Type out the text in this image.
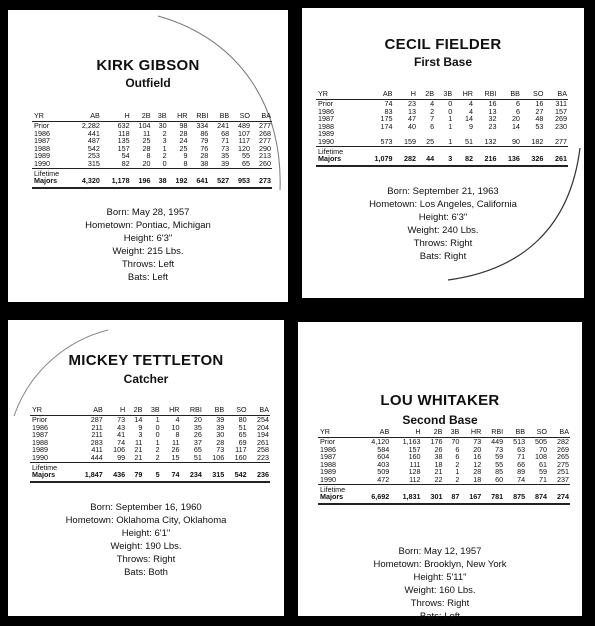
KIRK GIBSON
Outfield
YR	AB	H	2B	3B	HR	RBI	BB	SO	BA
Prior	2,282	632	104	30	98	334	241	489	277
1986	441	118	11	2	28	86	68	107	268
1987	487	135	25	3	24	79	71	117	277
1988	542	157	28	1	25	76	73	120	290
1989	253	54	8	2	9	28	35	55	213
1990	315	82	20	0	8	38	39	65	260
Lifetime									
Majors	4,320	1,178	196	38	192	641	527	953	273
Born: May 28, 1957
Hometown: Pontiac, Michigan
Height: 6'3"
Weight: 215 Lbs.
Throws: Left
Bats: Left
CECIL FIELDER
First Base
YR	AB	H	2B	3B	HR	RBI	BB	SO	BA
Prior	74	23	4	0	4	16	6	16	311
1986	83	13	2	0	4	13	6	27	157
1987	175	47	7	1	14	32	20	48	269
1988	174	40	6	1	9	23	14	53	230
1989									
1990	573	159	25	1	51	132	90	182	277
Lifetime									
Majors	1,079	282	44	3	82	216	136	326	261
Born: September 21, 1963
Hometown: Los Angeles, California
Height: 6'3"
Weight: 240 Lbs.
Throws: Right
Bats: Right
MICKEY TETTLETON
Catcher
YR	AB	H	2B	3B	HR	RBI	BB	SO	BA
Prior	287	73	14	1	4	20	39	80	254
1986	211	43	9	0	10	35	39	51	204
1987	211	41	3	0	8	26	30	65	194
1988	283	74	11	1	11	37	28	69	261
1989	411	106	21	2	26	65	73	117	258
1990	444	99	21	2	15	51	106	160	223
Lifetime									
Majors	1,847	436	79	5	74	234	315	542	236
Born: September 16, 1960
Hometown: Oklahoma City, Oklahoma
Height: 6'1"
Weight: 190 Lbs.
Throws: Right
Bats: Both
LOU WHITAKER
Second Base
YR	AB	H	2B	3B	HR	RBI	BB	SO	BA
Prior	4,120	1,163	176	70	73	449	513	505	282
1986	584	157	26	6	20	73	63	70	269
1987	604	160	38	6	16	59	71	108	265
1988	403	111	18	2	12	55	66	61	275
1989	509	128	21	1	28	85	89	59	251
1990	472	112	22	2	18	60	74	71	237
Lifetime									
Majors	6,692	1,831	301	87	167	781	875	874	274
Born: May 12, 1957
Hometown: Brooklyn, New York
Height: 5'11"
Weight: 160 Lbs.
Throws: Right
Bats: Left
